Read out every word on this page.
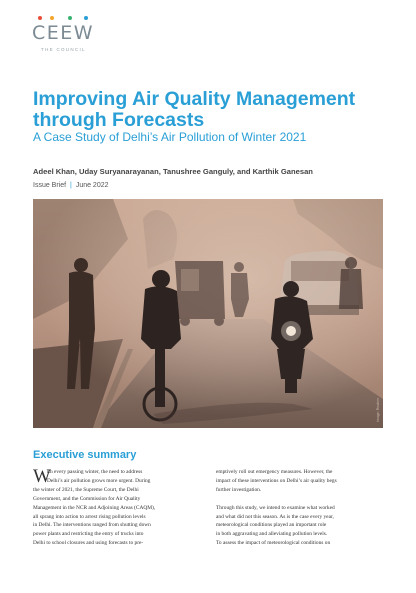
CEEW
THE COUNCIL
Improving Air Quality Management through Forecasts
A Case Study of Delhi’s Air Pollution of Winter 2021
Adeel Khan, Uday Suryanarayanan, Tanushree Ganguly, and Karthik Ganesan
Issue Brief | June 2022
Image: Reuters
Executive summary
W
ith every passing winter, the need to address
Delhi’s air pollution grows more urgent. During
the winter of 2021, the Supreme Court, the Delhi
Government, and the Commission for Air Quality
Management in the NCR and Adjoining Areas (CAQM),
all sprang into action to arrest rising pollution levels
in Delhi. The interventions ranged from shutting down
power plants and restricting the entry of trucks into
Delhi to school closures and using forecasts to pre-
emptively roll out emergency measures. However, the
impact of these interventions on Delhi’s air quality begs
further investigation.
Through this study, we intend to examine what worked
and what did not this season. As is the case every year,
meteorological conditions played an important role
in both aggravating and alleviating pollution levels.
To assess the impact of meteorological conditions on
